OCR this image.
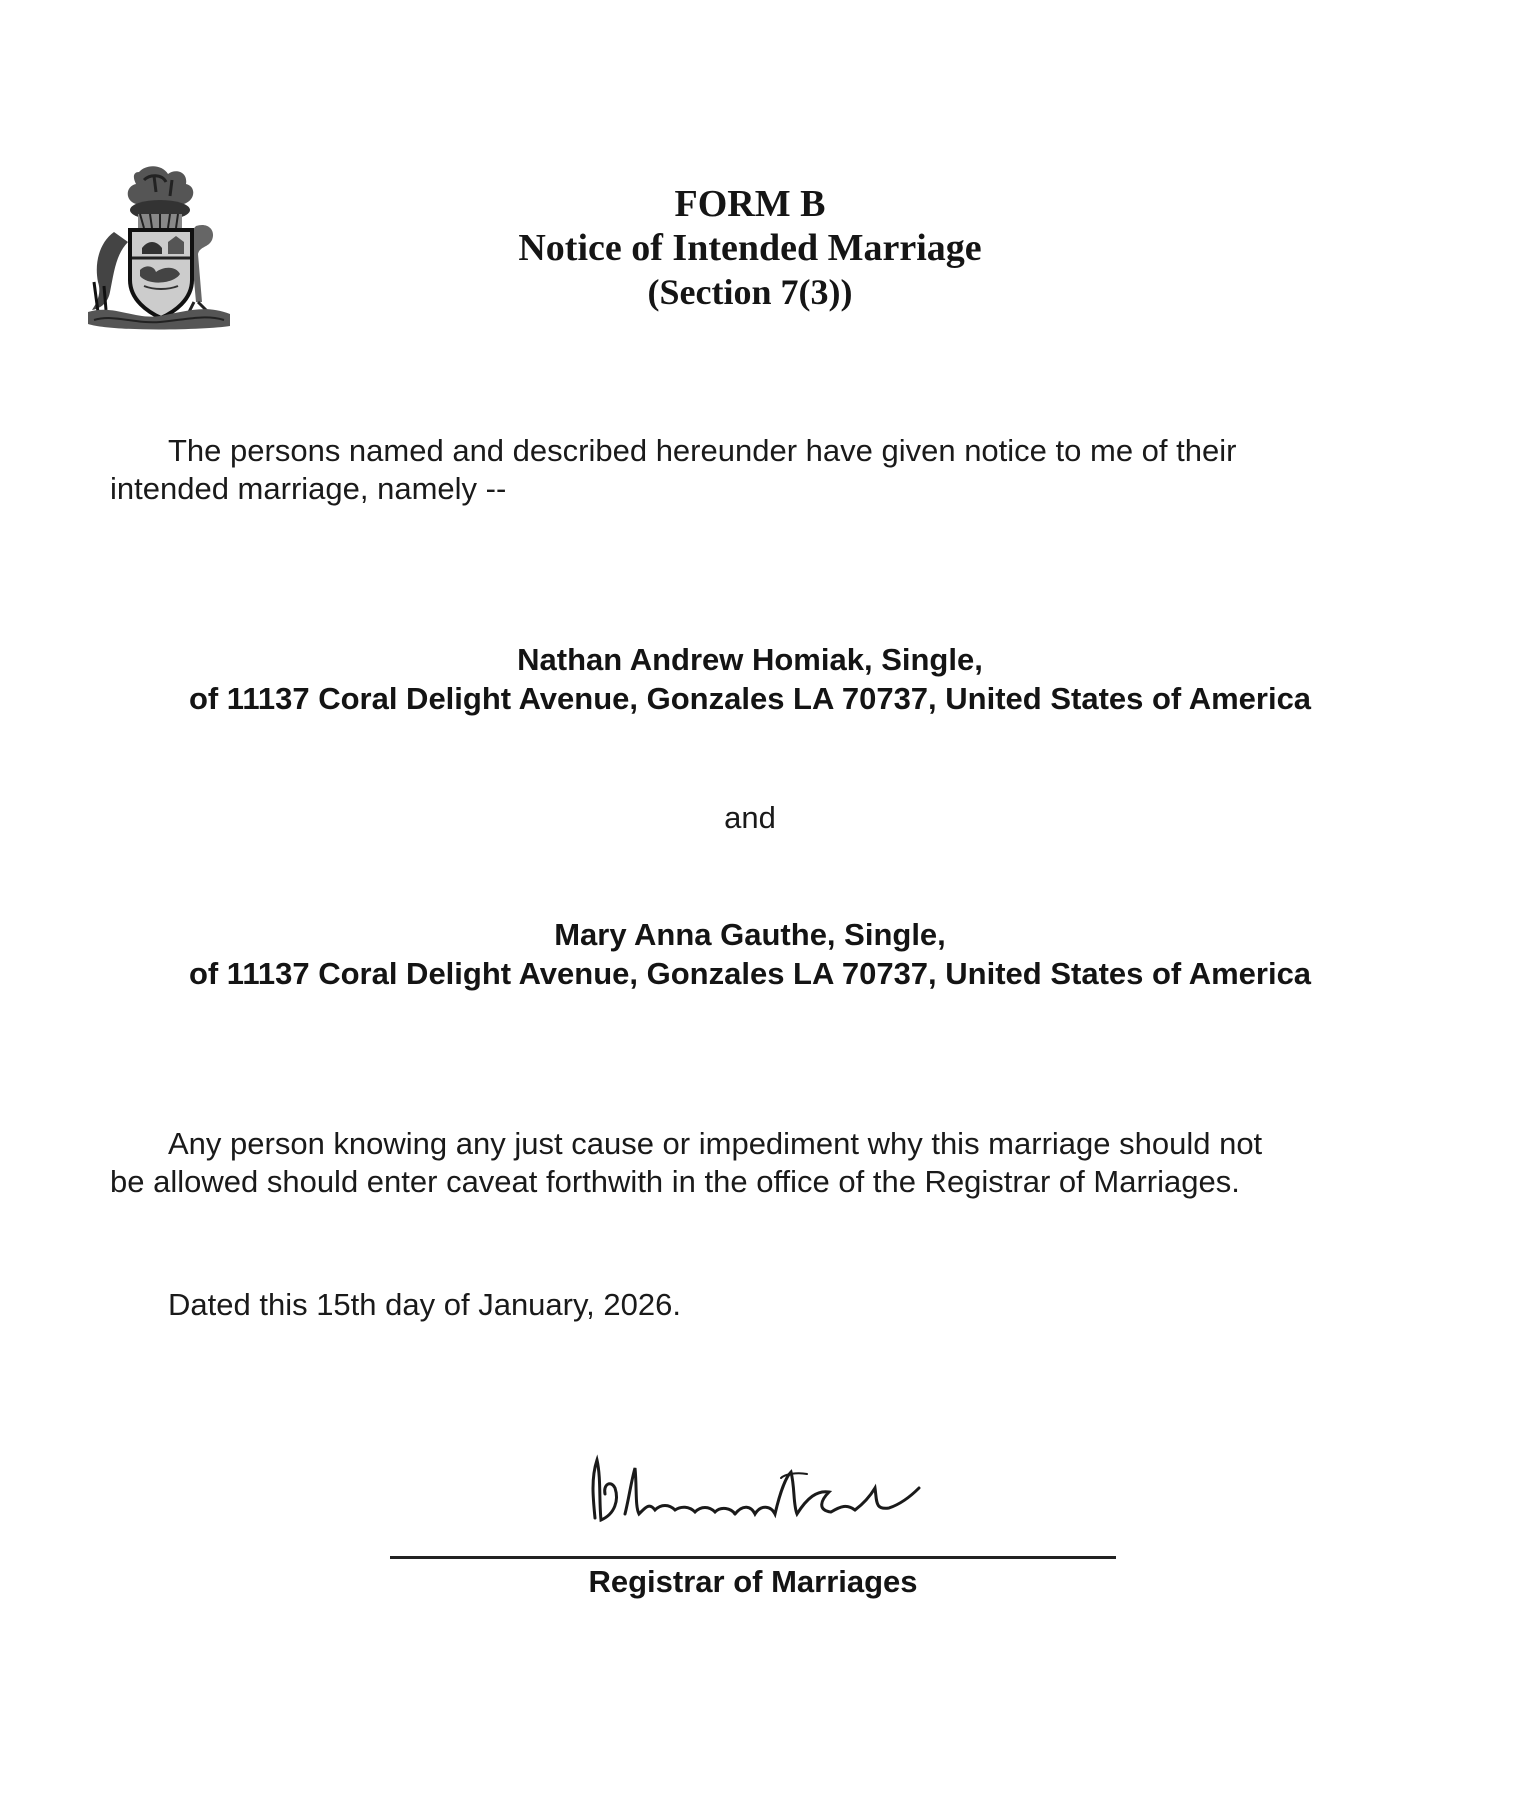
FORM B
Notice of Intended Marriage
(Section 7(3))
The persons named and described hereunder have given notice to me of their
intended marriage, namely --
Nathan Andrew Homiak, Single,
of 11137 Coral Delight Avenue, Gonzales LA 70737, United States of America
and
Mary Anna Gauthe, Single,
of 11137 Coral Delight Avenue, Gonzales LA 70737, United States of America
Any person knowing any just cause or impediment why this marriage should not
be allowed should enter caveat forthwith in the office of the Registrar of Marriages.
Dated this 15th day of January, 2026.
Registrar of Marriages
